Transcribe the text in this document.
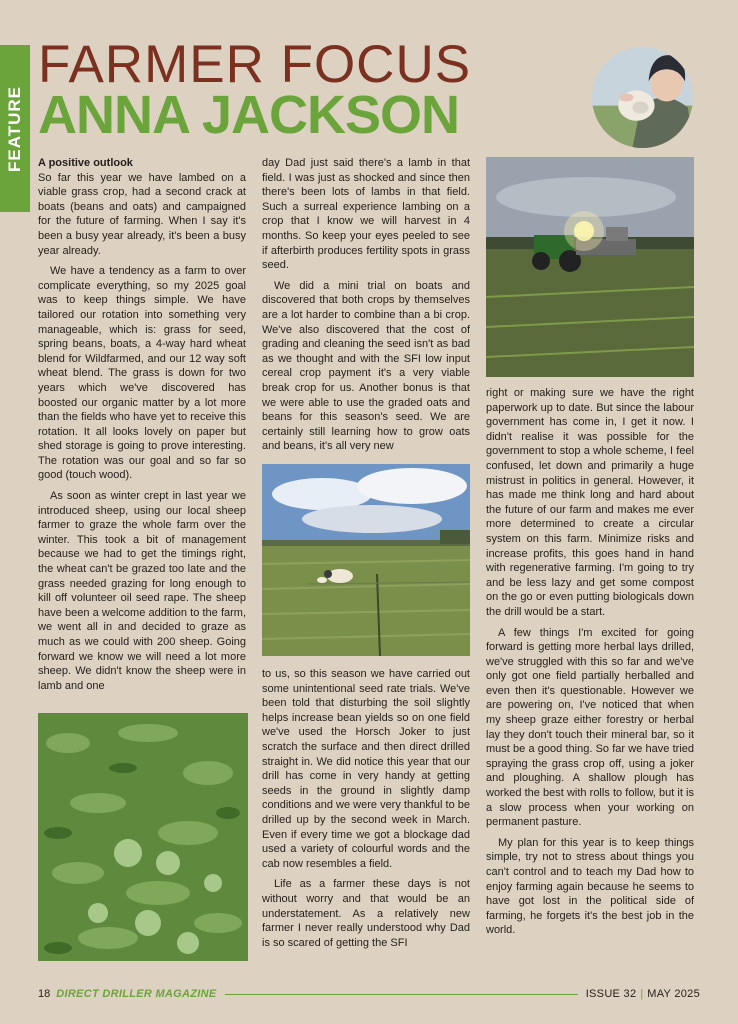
FEATURE
FARMER FOCUS
ANNA JACKSON

A positive outlook

So far this year we have lambed on a viable grass crop, had a second crack at boats (beans and oats) and campaigned for the future of farming. When I say it's been a busy year already, it's been a busy year already.

We have a tendency as a farm to over complicate everything, so my 2025 goal was to keep things simple. We have tailored our rotation into something very manageable, which is: grass for seed, spring beans, boats, a 4-way hard wheat blend for Wildfarmed, and our 12 way soft wheat blend. The grass is down for two years which we've discovered has boosted our organic matter by a lot more than the fields who have yet to receive this rotation. It all looks lovely on paper but shed storage is going to prove interesting. The rotation was our goal and so far so good (touch wood).

As soon as winter crept in last year we introduced sheep, using our local sheep farmer to graze the whole farm over the winter. This took a bit of management because we had to get the timings right, the wheat can't be grazed too late and the grass needed grazing for long enough to kill off volunteer oil seed rape. The sheep have been a welcome addition to the farm, we went all in and decided to graze as much as we could with 200 sheep. Going forward we know we will need a lot more sheep. We didn't know the sheep were in lamb and one

day Dad just said there's a lamb in that field. I was just as shocked and since then there's been lots of lambs in that field. Such a surreal experience lambing on a crop that I know we will harvest in 4 months. So keep your eyes peeled to see if afterbirth produces fertility spots in grass seed.

We did a mini trial on boats and discovered that both crops by themselves are a lot harder to combine than a bi crop. We've also discovered that the cost of grading and cleaning the seed isn't as bad as we thought and with the SFI low input cereal crop payment it's a very viable break crop for us. Another bonus is that we were able to use the graded oats and beans for this season's seed. We are certainly still learning how to grow oats and beans, it's all very new

to us, so this season we have carried out some unintentional seed rate trials. We've been told that disturbing the soil slightly helps increase bean yields so on one field we've used the Horsch Joker to just scratch the surface and then direct drilled straight in. We did notice this year that our drill has come in very handy at getting seeds in the ground in slightly damp conditions and we were very thankful to be drilled up by the second week in March. Even if every time we got a blockage dad used a variety of colourful words and the cab now resembles a field.

Life as a farmer these days is not without worry and that would be an understatement. As a relatively new farmer I never really understood why Dad is so scared of getting the SFI

right or making sure we have the right paperwork up to date. But since the labour government has come in, I get it now. I didn't realise it was possible for the government to stop a whole scheme, I feel confused, let down and primarily a huge mistrust in politics in general. However, it has made me think long and hard about the future of our farm and makes me ever more determined to create a circular system on this farm. Minimize risks and increase profits, this goes hand in hand with regenerative farming. I'm going to try and be less lazy and get some compost on the go or even putting biologicals down the drill would be a start.

A few things I'm excited for going forward is getting more herbal lays drilled, we've struggled with this so far and we've only got one field partially herballed and even then it's questionable. However we are powering on, I've noticed that when my sheep graze either forestry or herbal lay they don't touch their mineral bar, so it must be a good thing. So far we have tried spraying the grass crop off, using a joker and ploughing. A shallow plough has worked the best with rolls to follow, but it is a slow process when your working on permanent pasture.

My plan for this year is to keep things simple, try not to stress about things you can't control and to teach my Dad how to enjoy farming again because he seems to have got lost in the political side of farming, he forgets it's the best job in the world.

18 DIRECT DRILLER MAGAZINE	ISSUE 32 | MAY 2025
